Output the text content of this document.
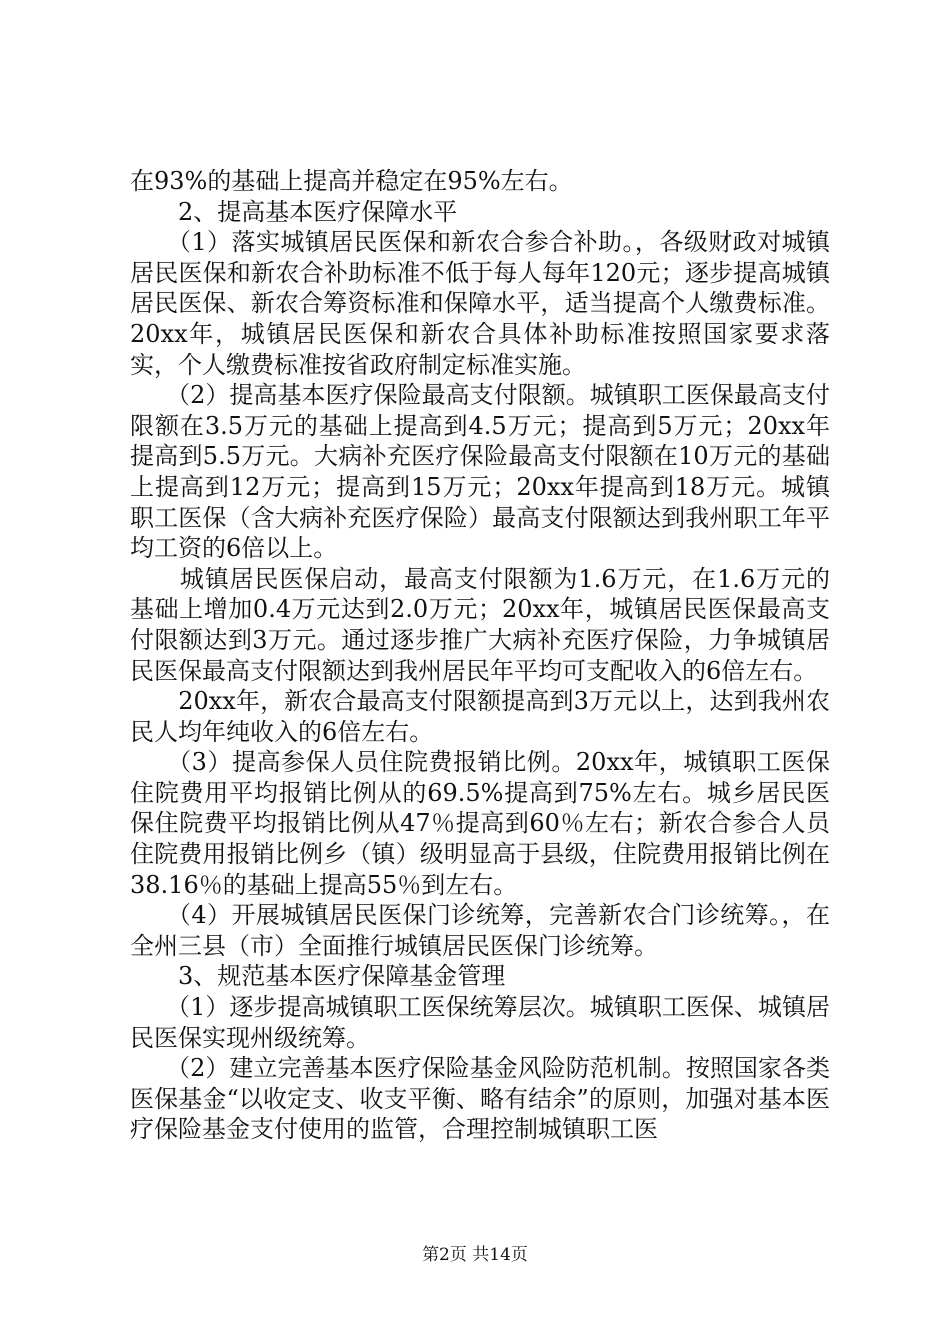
在93%的基础上提高并稳定在95%左右。

　　2、提高基本医疗保障水平

　　（1）落实城镇居民医保和新农合参合补助。，各级财政对城镇居民医保和新农合补助标准不低于每人每年120元；逐步提高城镇居民医保、新农合筹资标准和保障水平，适当提高个人缴费标准。20xx年，城镇居民医保和新农合具体补助标准按照国家要求落实，个人缴费标准按省政府制定标准实施。

　　（2）提高基本医疗保险最高支付限额。城镇职工医保最高支付限额在3.5万元的基础上提高到4.5万元；提高到5万元；20xx年提高到5.5万元。大病补充医疗保险最高支付限额在10万元的基础上提高到12万元；提高到15万元；20xx年提高到18万元。城镇职工医保（含大病补充医疗保险）最高支付限额达到我州职工年平均工资的6倍以上。

　　城镇居民医保启动，最高支付限额为1.6万元，在1.6万元的基础上增加0.4万元达到2.0万元；20xx年，城镇居民医保最高支付限额达到3万元。通过逐步推广大病补充医疗保险，力争城镇居民医保最高支付限额达到我州居民年平均可支配收入的6倍左右。

　　20xx年，新农合最高支付限额提高到3万元以上，达到我州农民人均年纯收入的6倍左右。

　　（3）提高参保人员住院费报销比例。20xx年，城镇职工医保住院费用平均报销比例从的69.5%提高到75%左右。城乡居民医保住院费平均报销比例从47％提高到60％左右；新农合参合人员住院费用报销比例乡（镇）级明显高于县级，住院费用报销比例在38.16％的基础上提高55％到左右。

　　（4）开展城镇居民医保门诊统筹，完善新农合门诊统筹。，在全州三县（市）全面推行城镇居民医保门诊统筹。

　　3、规范基本医疗保障基金管理

　　（1）逐步提高城镇职工医保统筹层次。城镇职工医保、城镇居民医保实现州级统筹。

　　（2）建立完善基本医疗保险基金风险防范机制。按照国家各类医保基金“以收定支、收支平衡、略有结余”的原则，加强对基本医疗保险基金支付使用的监管，合理控制城镇职工医

第2页 共14页
